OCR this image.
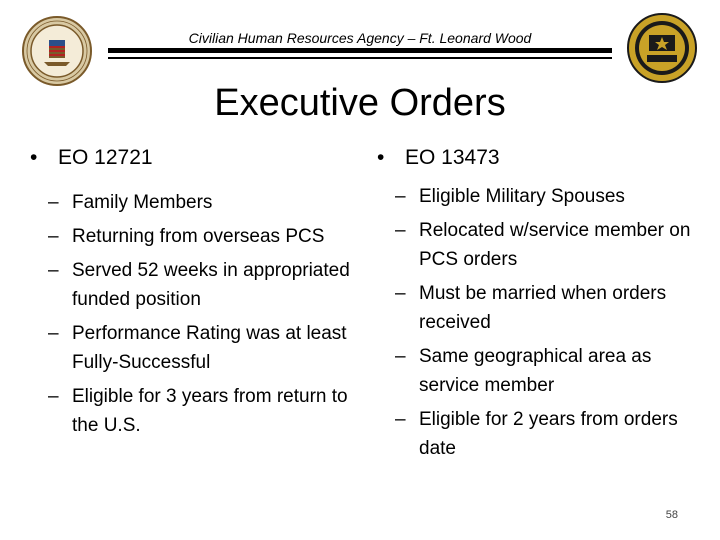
Civilian Human Resources Agency – Ft. Leonard Wood
Executive Orders
• EO 12721
– Family Members
– Returning from overseas PCS
– Served 52 weeks in appropriated funded position
– Performance Rating was at least Fully-Successful
– Eligible for 3 years from return to the U.S.
• EO 13473
– Eligible Military Spouses
– Relocated w/service member on PCS orders
– Must be married when orders received
– Same geographical area as service member
– Eligible for 2 years from orders date
58
